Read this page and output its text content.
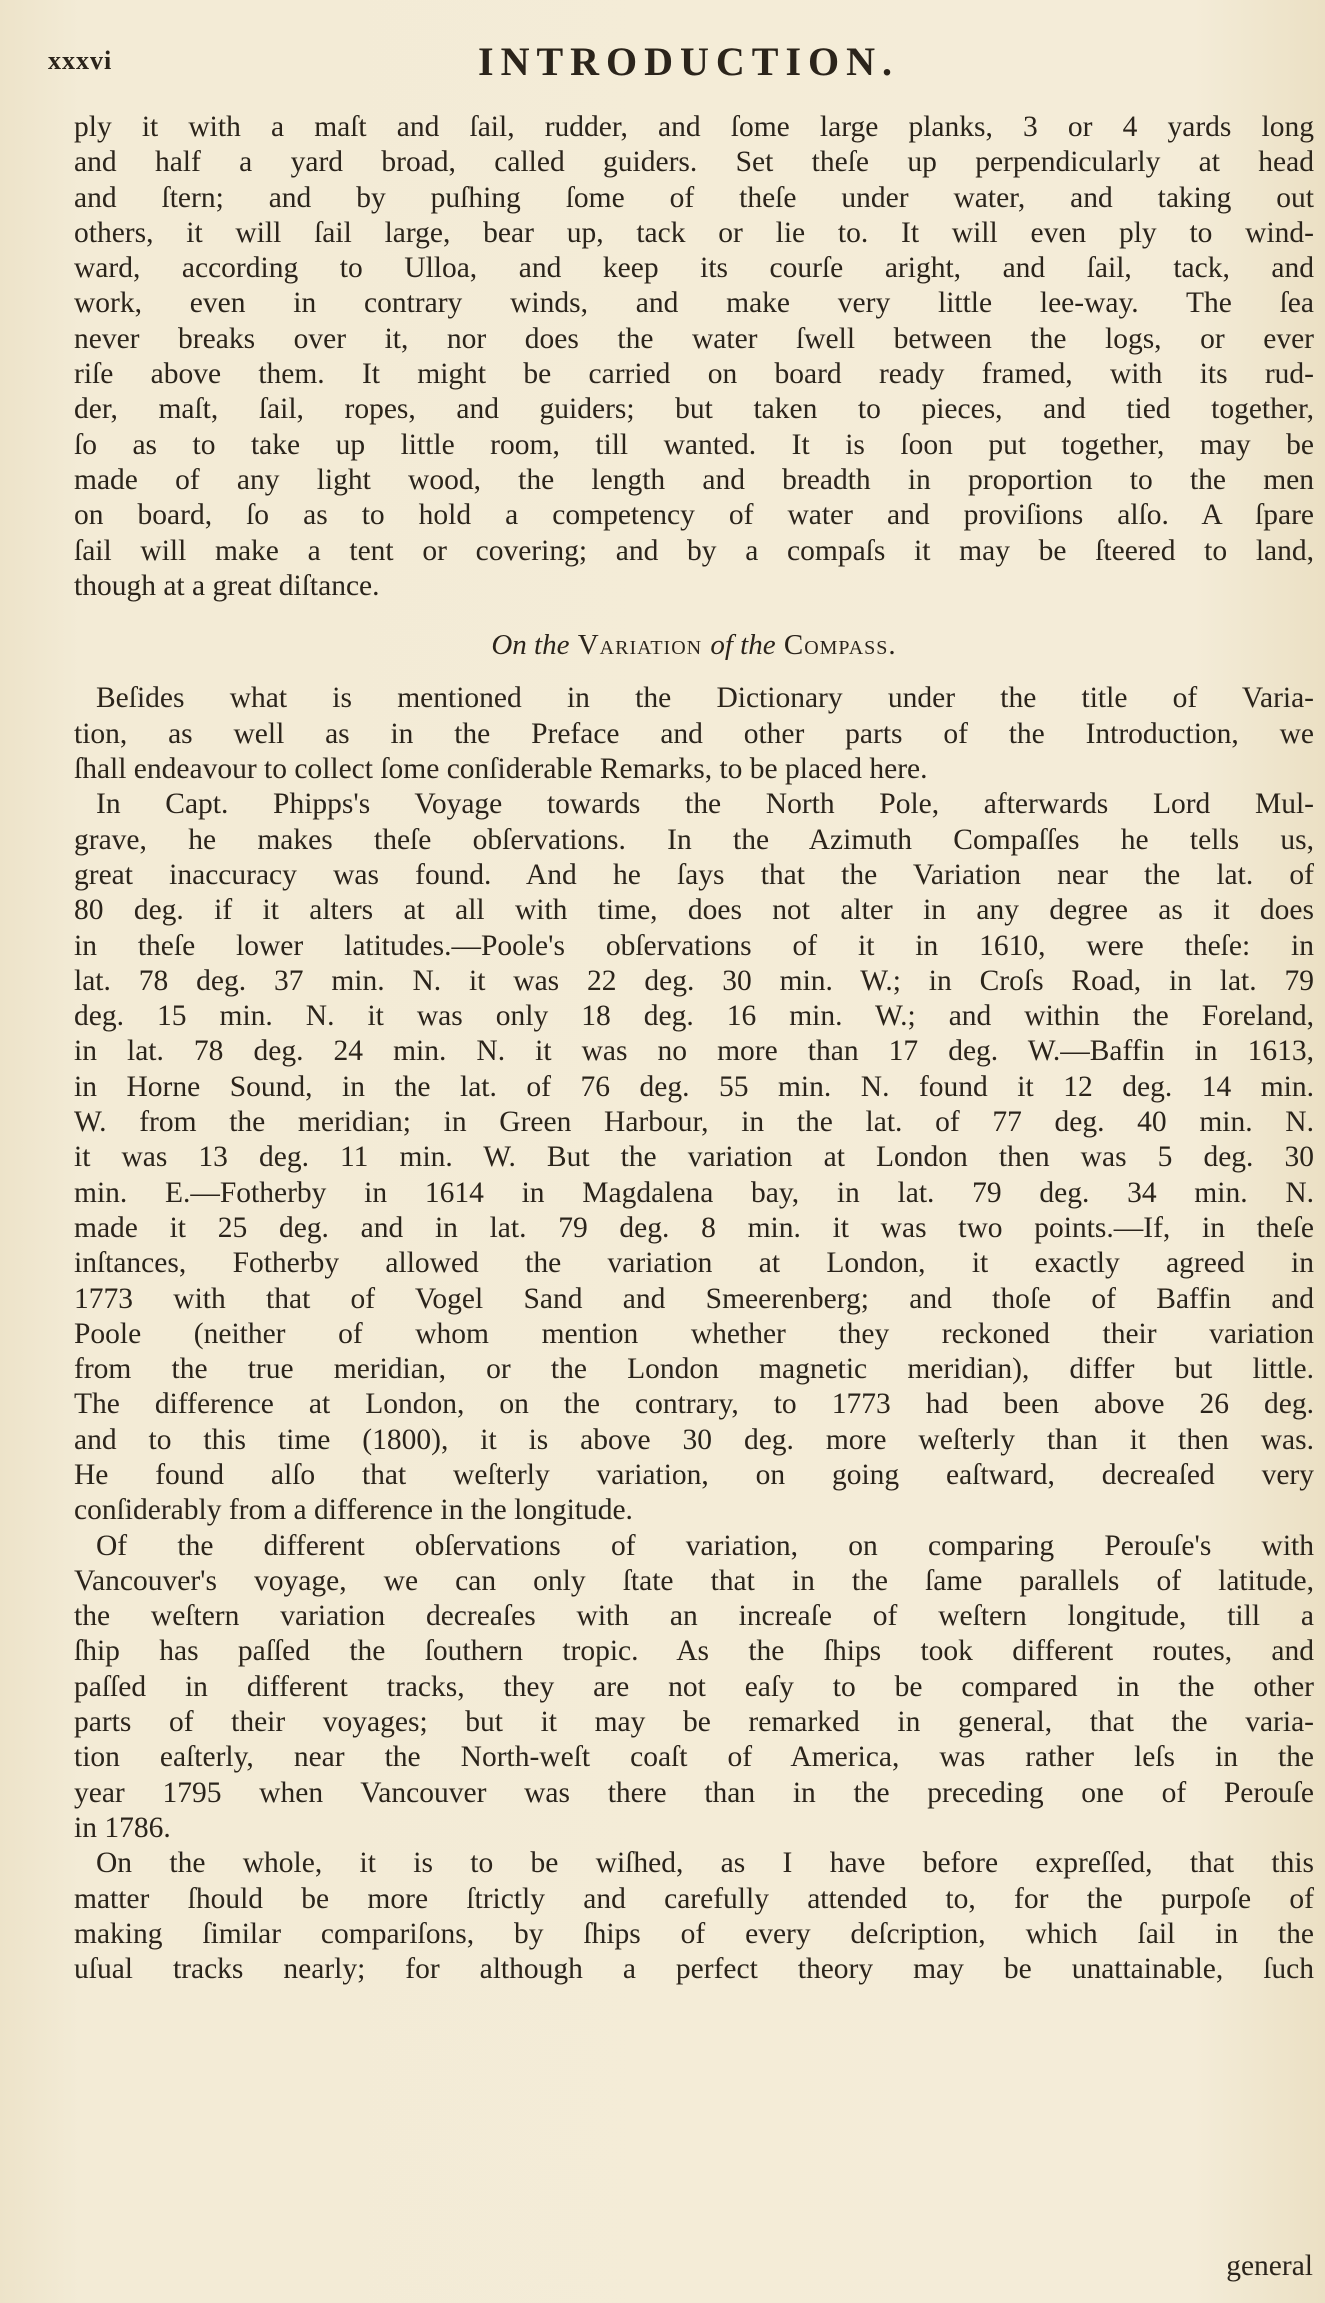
xxxvi	INTRODUCTION.

ply it with a maſt and ſail, rudder, and ſome large planks, 3 or 4 yards long

and half a yard broad, called guiders. Set theſe up perpendicularly at head

and ſtern; and by puſhing ſome of theſe under water, and taking out

others, it will ſail large, bear up, tack or lie to. It will even ply to wind-

ward, according to Ulloa, and keep its courſe aright, and ſail, tack, and

work, even in contrary winds, and make very little lee-way. The ſea

never breaks over it, nor does the water ſwell between the logs, or ever

riſe above them. It might be carried on board ready framed, with its rud-

der, maſt, ſail, ropes, and guiders; but taken to pieces, and tied together,

ſo as to take up little room, till wanted. It is ſoon put together, may be

made of any light wood, the length and breadth in proportion to the men

on board, ſo as to hold a competency of water and proviſions alſo. A ſpare

ſail will make a tent or covering; and by a compaſs it may be ſteered to land,

though at a great diſtance.

On the Variation of the Compass.

Beſides what is mentioned in the Dictionary under the title of Varia-

tion, as well as in the Preface and other parts of the Introduction, we

ſhall endeavour to collect ſome conſiderable Remarks, to be placed here.

In Capt. Phipps's Voyage towards the North Pole, afterwards Lord Mul-

grave, he makes theſe obſervations. In the Azimuth Compaſſes he tells us,

great inaccuracy was found. And he ſays that the Variation near the lat. of

80 deg. if it alters at all with time, does not alter in any degree as it does

in theſe lower latitudes.—Poole's obſervations of it in 1610, were theſe: in

lat. 78 deg. 37 min. N. it was 22 deg. 30 min. W.; in Croſs Road, in lat. 79

deg. 15 min. N. it was only 18 deg. 16 min. W.; and within the Foreland,

in lat. 78 deg. 24 min. N. it was no more than 17 deg. W.—Baffin in 1613,

in Horne Sound, in the lat. of 76 deg. 55 min. N. found it 12 deg. 14 min.

W. from the meridian; in Green Harbour, in the lat. of 77 deg. 40 min. N.

it was 13 deg. 11 min. W. But the variation at London then was 5 deg. 30

min. E.—Fotherby in 1614 in Magdalena bay, in lat. 79 deg. 34 min. N.

made it 25 deg. and in lat. 79 deg. 8 min. it was two points.—If, in theſe

inſtances, Fotherby allowed the variation at London, it exactly agreed in

1773 with that of Vogel Sand and Smeerenberg; and thoſe of Baffin and

Poole (neither of whom mention whether they reckoned their variation

from the true meridian, or the London magnetic meridian), differ but little.

The difference at London, on the contrary, to 1773 had been above 26 deg.

and to this time (1800), it is above 30 deg. more weſterly than it then was.

He found alſo that weſterly variation, on going eaſtward, decreaſed very

conſiderably from a difference in the longitude.

Of the different obſervations of variation, on comparing Perouſe's with

Vancouver's voyage, we can only ſtate that in the ſame parallels of latitude,

the weſtern variation decreaſes with an increaſe of weſtern longitude, till a

ſhip has paſſed the ſouthern tropic. As the ſhips took different routes, and

paſſed in different tracks, they are not eaſy to be compared in the other

parts of their voyages; but it may be remarked in general, that the varia-

tion eaſterly, near the North-weſt coaſt of America, was rather leſs in the

year 1795 when Vancouver was there than in the preceding one of Perouſe

in 1786.

On the whole, it is to be wiſhed, as I have before expreſſed, that this

matter ſhould be more ſtrictly and carefully attended to, for the purpoſe of

making ſimilar compariſons, by ſhips of every deſcription, which ſail in the

uſual tracks nearly; for although a perfect theory may be unattainable, ſuch

general
